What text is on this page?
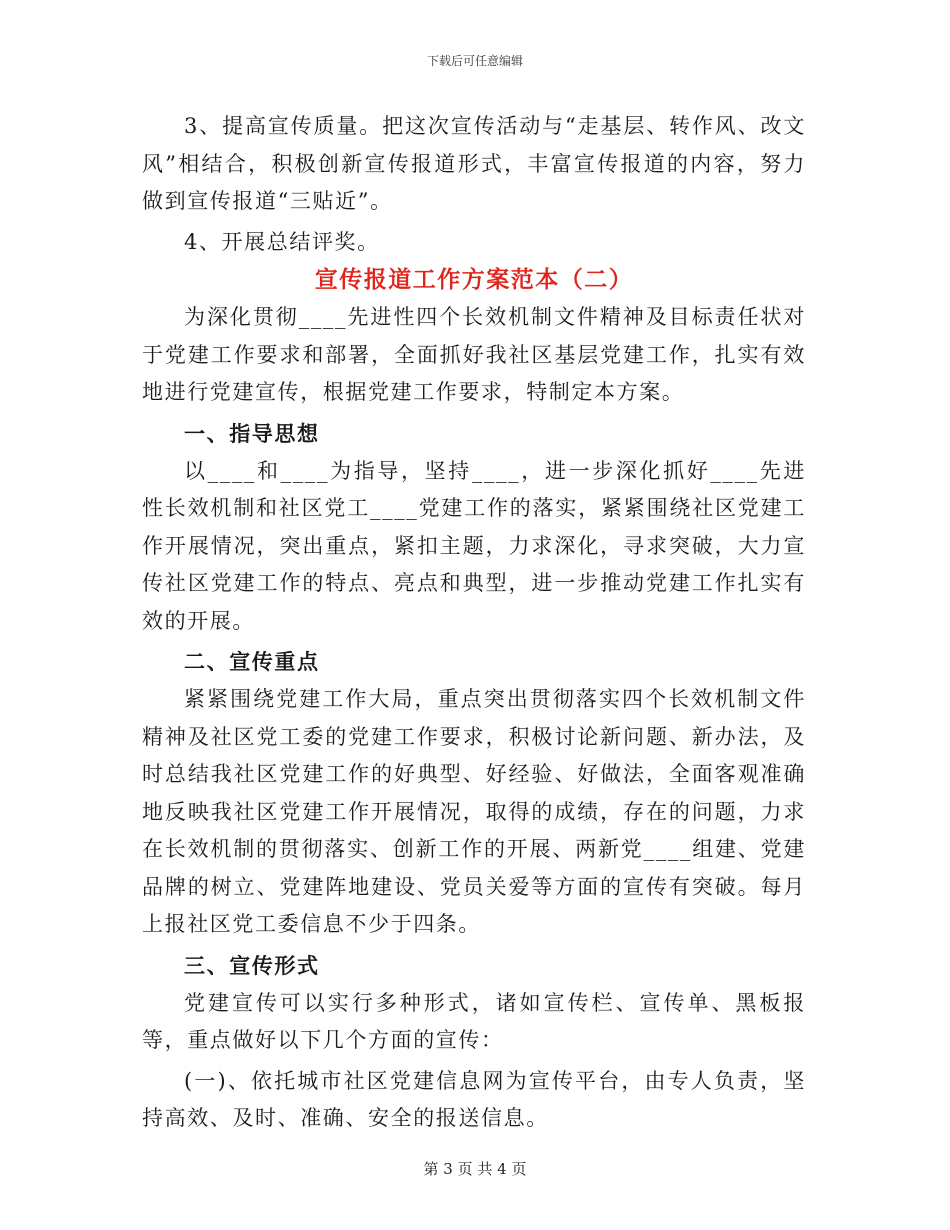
下载后可任意编辑

3、提高宣传质量。把这次宣传活动与“走基层、转作风、改文风”相结合，积极创新宣传报道形式，丰富宣传报道的内容，努力做到宣传报道“三贴近”。

4、开展总结评奖。

宣传报道工作方案范本（二）

为深化贯彻____先进性四个长效机制文件精神及目标责任状对于党建工作要求和部署，全面抓好我社区基层党建工作，扎实有效地进行党建宣传，根据党建工作要求，特制定本方案。

一、指导思想

以____和____为指导，坚持____，进一步深化抓好____先进性长效机制和社区党工____党建工作的落实，紧紧围绕社区党建工作开展情况，突出重点，紧扣主题，力求深化，寻求突破，大力宣传社区党建工作的特点、亮点和典型，进一步推动党建工作扎实有效的开展。

二、宣传重点

紧紧围绕党建工作大局，重点突出贯彻落实四个长效机制文件精神及社区党工委的党建工作要求，积极讨论新问题、新办法，及时总结我社区党建工作的好典型、好经验、好做法，全面客观准确地反映我社区党建工作开展情况，取得的成绩，存在的问题，力求在长效机制的贯彻落实、创新工作的开展、两新党____组建、党建品牌的树立、党建阵地建设、党员关爱等方面的宣传有突破。每月上报社区党工委信息不少于四条。

三、宣传形式

党建宣传可以实行多种形式，诸如宣传栏、宣传单、黑板报等，重点做好以下几个方面的宣传：

(一)、依托城市社区党建信息网为宣传平台，由专人负责，坚持高效、及时、准确、安全的报送信息。

第 3 页 共 4 页
